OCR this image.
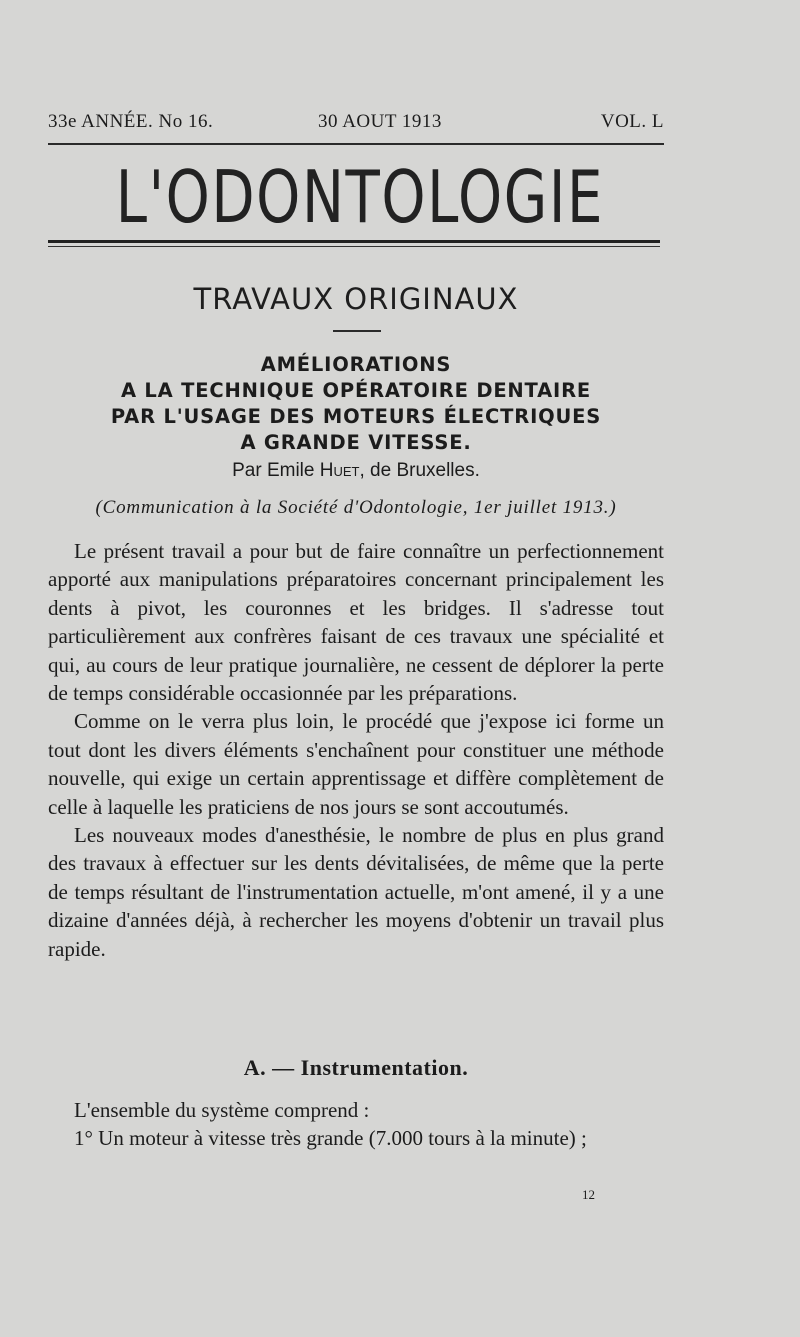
33e ANNÉE. No 16.	30 AOUT 1913	VOL. L
L'ODONTOLOGIE
TRAVAUX ORIGINAUX
AMÉLIORATIONS
A LA TECHNIQUE OPÉRATOIRE DENTAIRE
PAR L'USAGE DES MOTEURS ÉLECTRIQUES
A GRANDE VITESSE.
Par Emile Huet, de Bruxelles.
(Communication à la Société d'Odontologie, 1er juillet 1913.)

Le présent travail a pour but de faire connaître un perfectionnement apporté aux manipulations préparatoires concernant principalement les dents à pivot, les couronnes et les bridges. Il s'adresse tout particulièrement aux confrères faisant de ces travaux une spécialité et qui, au cours de leur pratique journalière, ne cessent de déplorer la perte de temps considérable occasionnée par les préparations.

Comme on le verra plus loin, le procédé que j'expose ici forme un tout dont les divers éléments s'enchaînent pour constituer une méthode nouvelle, qui exige un certain apprentissage et diffère complètement de celle à laquelle les praticiens de nos jours se sont accoutumés.

Les nouveaux modes d'anesthésie, le nombre de plus en plus grand des travaux à effectuer sur les dents dévitalisées, de même que la perte de temps résultant de l'instrumentation actuelle, m'ont amené, il y a une dizaine d'années déjà, à rechercher les moyens d'obtenir un travail plus rapide.

A. — Instrumentation.

L'ensemble du système comprend :

1° Un moteur à vitesse très grande (7.000 tours à la minute) ;

12
